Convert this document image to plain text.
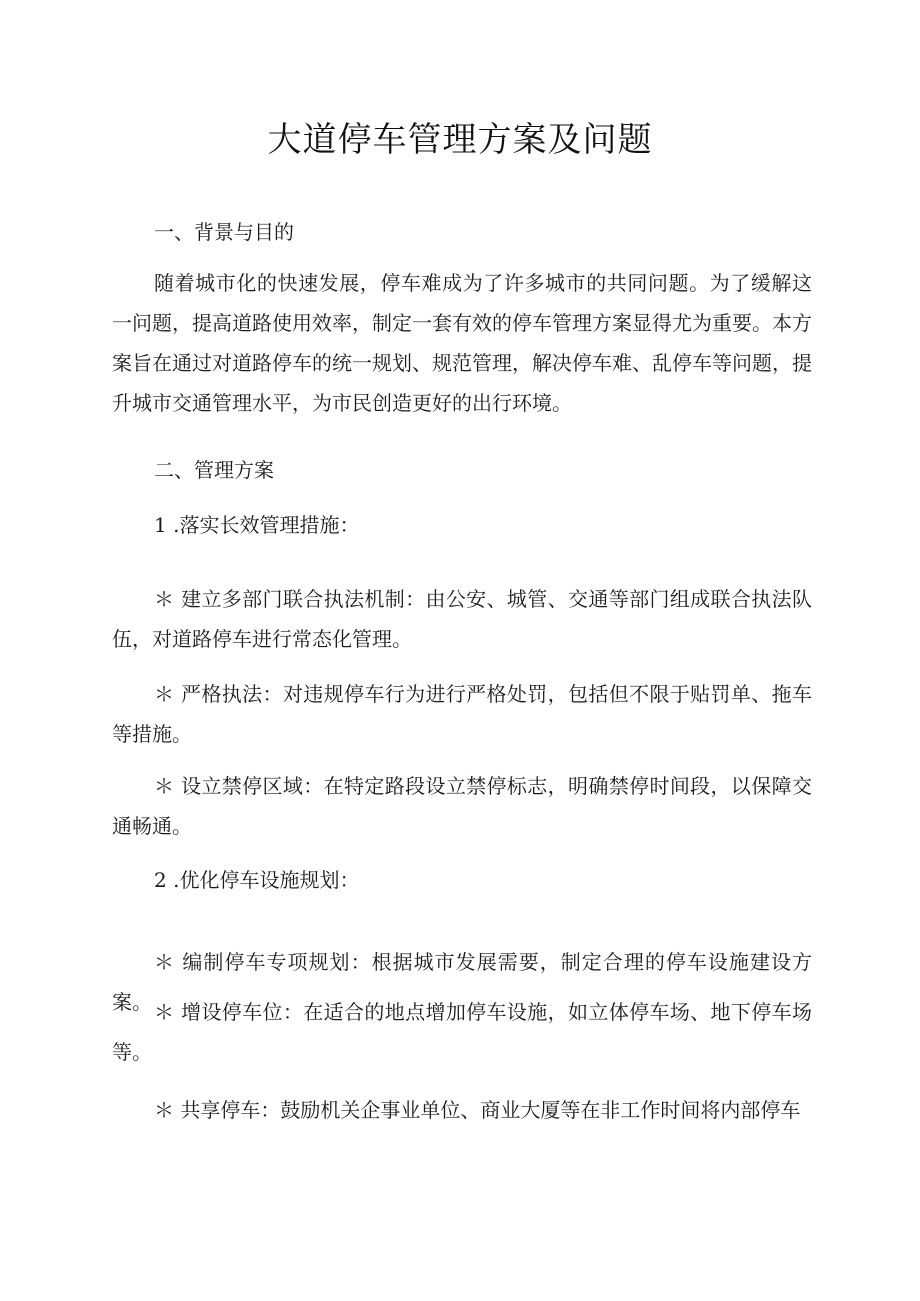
大道停车管理方案及问题

一、背景与目的

随着城市化的快速发展，停车难成为了许多城市的共同问题。为了缓解这一问题，提高道路使用效率，制定一套有效的停车管理方案显得尤为重要。本方案旨在通过对道路停车的统一规划、规范管理，解决停车难、乱停车等问题，提升城市交通管理水平，为市民创造更好的出行环境。

二、管理方案

1 .落实长效管理措施：

＊ 建立多部门联合执法机制：由公安、城管、交通等部门组成联合执法队伍，对道路停车进行常态化管理。

＊ 严格执法：对违规停车行为进行严格处罚，包括但不限于贴罚单、拖车等措施。

＊ 设立禁停区域：在特定路段设立禁停标志，明确禁停时间段，以保障交通畅通。

2 .优化停车设施规划：

＊ 编制停车专项规划：根据城市发展需要，制定合理的停车设施建设方案。 ＊ 增设停车位：在适合的地点增加停车设施，如立体停车场、地下停车场等。

＊ 共享停车：鼓励机关企事业单位、商业大厦等在非工作时间将内部停车
